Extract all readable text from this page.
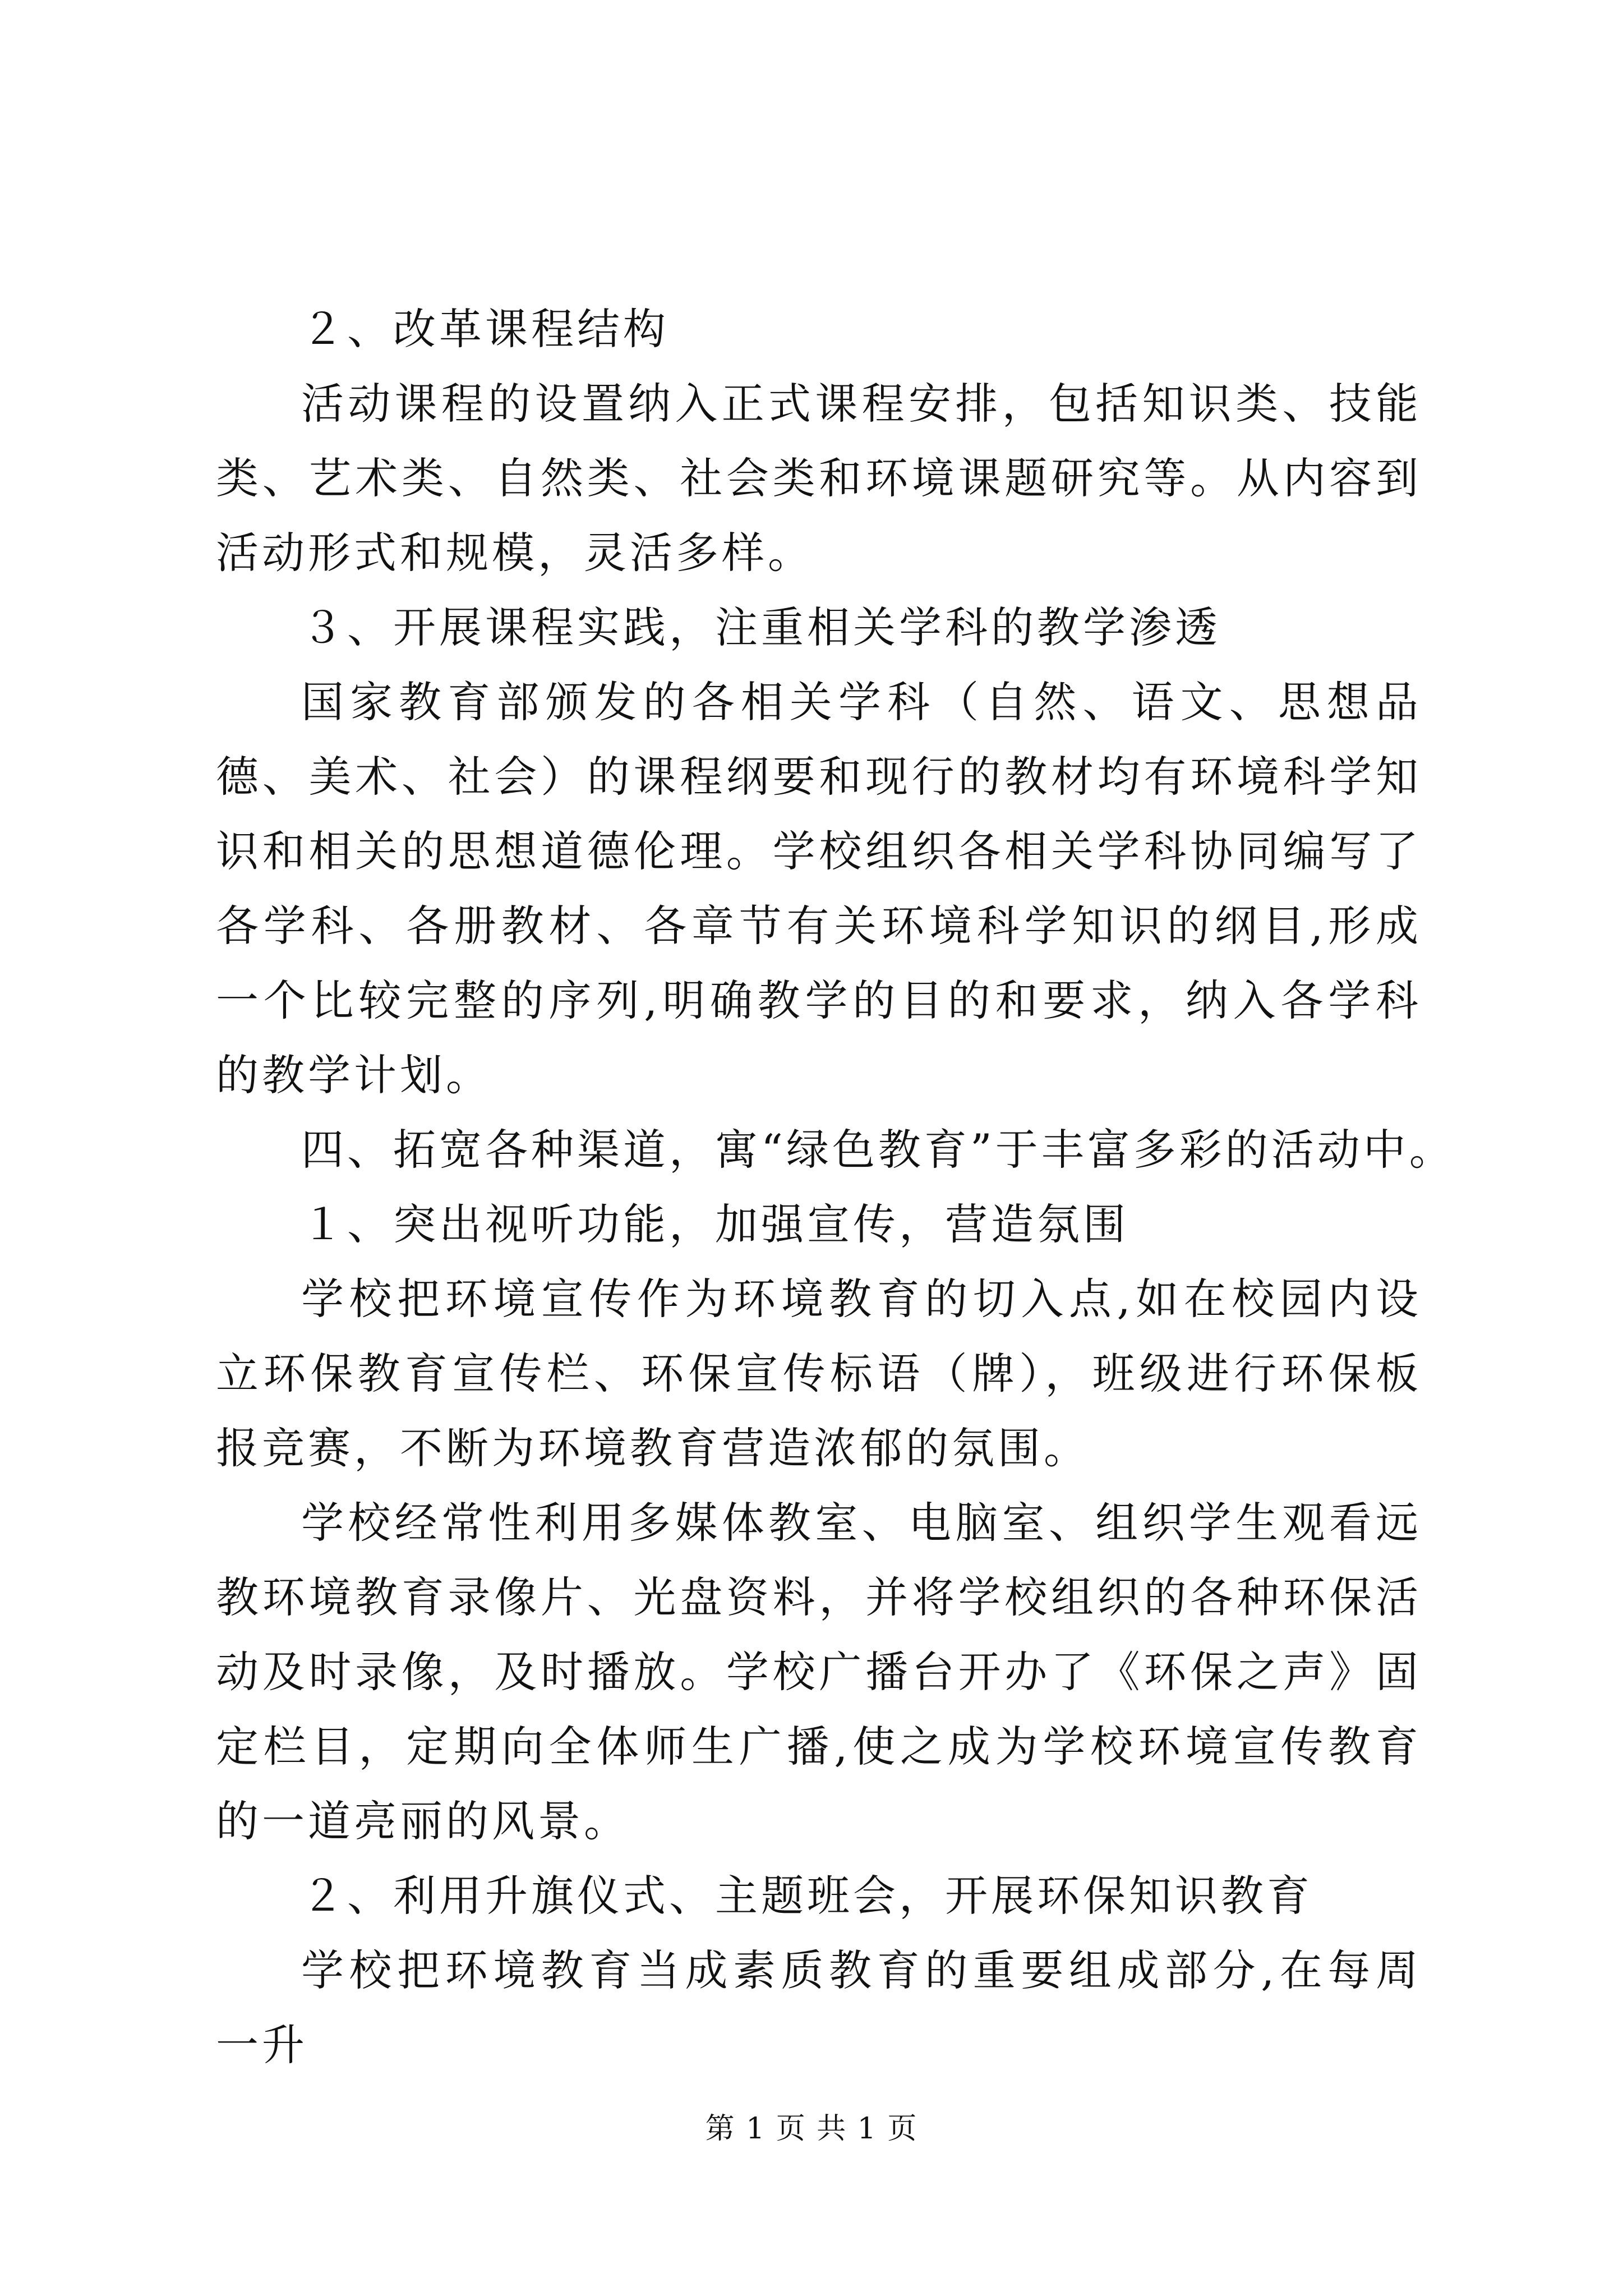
２、改革课程结构

活动课程的设置纳入正式课程安排，包括知识类、技能类、艺术类、自然类、社会类和环境课题研究等。从内容到活动形式和规模，灵活多样。

３、开展课程实践，注重相关学科的教学渗透

国家教育部颁发的各相关学科（自然、语文、思想品德、美术、社会）的课程纲要和现行的教材均有环境科学知识和相关的思想道德伦理。学校组织各相关学科协同编写了各学科、各册教材、各章节有关环境科学知识的纲目,形成一个比较完整的序列,明确教学的目的和要求，纳入各学科的教学计划。

四、拓宽各种渠道，寓“绿色教育”于丰富多彩的活动中。

１、突出视听功能，加强宣传，营造氛围

学校把环境宣传作为环境教育的切入点,如在校园内设立环保教育宣传栏、环保宣传标语（牌），班级进行环保板报竞赛，不断为环境教育营造浓郁的氛围。

学校经常性利用多媒体教室、电脑室、组织学生观看远教环境教育录像片、光盘资料，并将学校组织的各种环保活动及时录像，及时播放。学校广播台开办了《环保之声》固定栏目，定期向全体师生广播,使之成为学校环境宣传教育的一道亮丽的风景。

２、利用升旗仪式、主题班会，开展环保知识教育

学校把环境教育当成素质教育的重要组成部分,在每周一升

第 1 页 共 1 页
